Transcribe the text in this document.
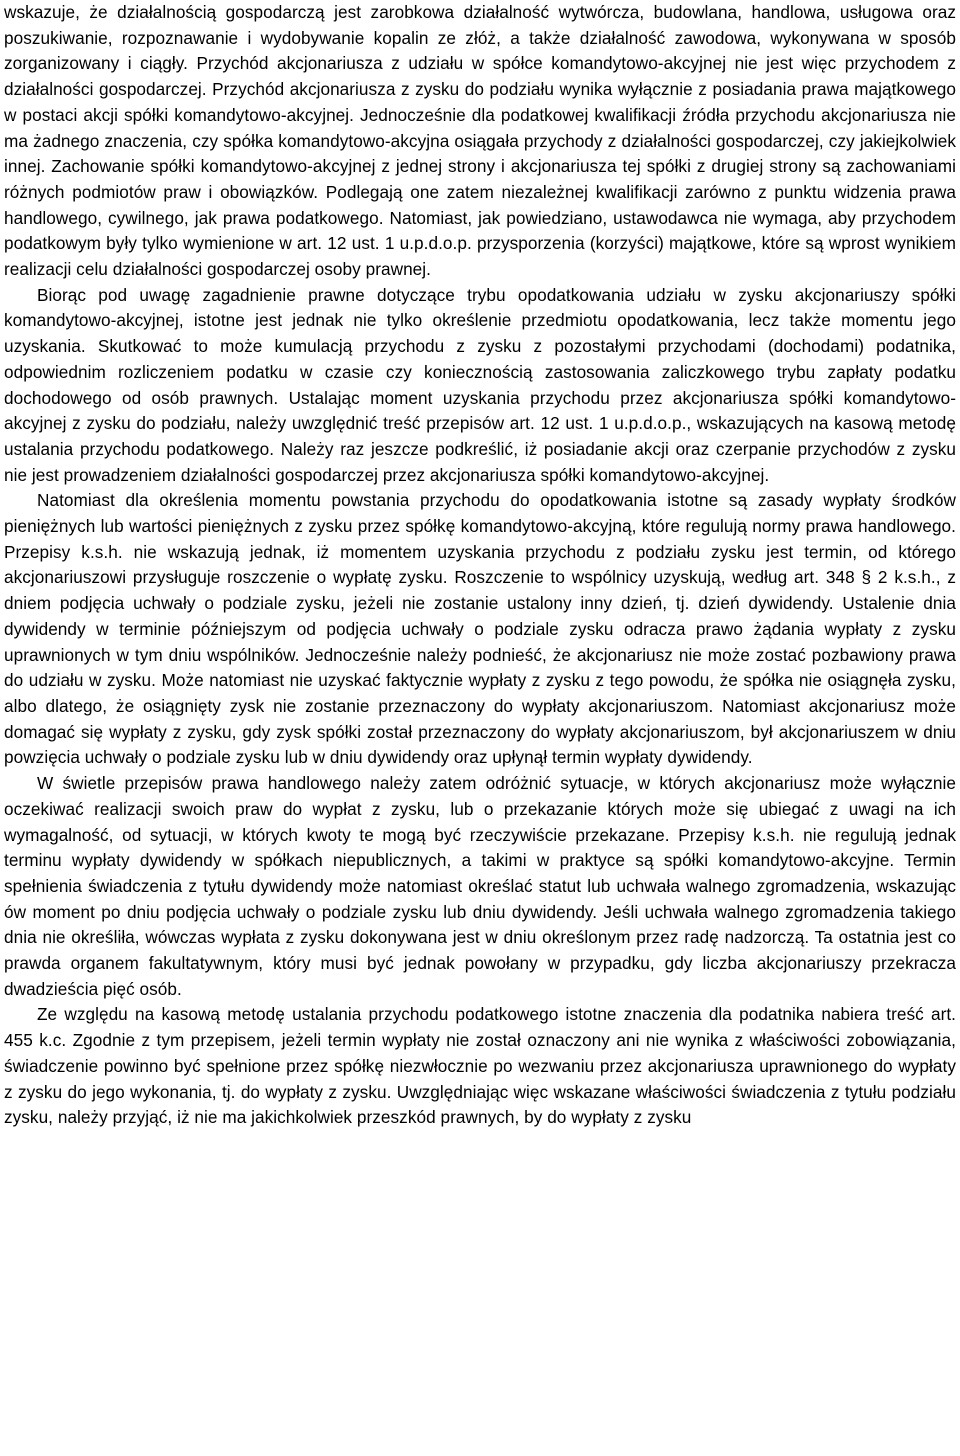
wskazuje, że działalnością gospodarczą jest zarobkowa działalność wytwórcza, budowlana, handlowa, usługowa oraz poszukiwanie, rozpoznawanie i wydobywanie kopalin ze złóż, a także działalność zawodowa, wykonywana w sposób zorganizowany i ciągły. Przychód akcjonariusza z udziału w spółce komandytowo-akcyjnej nie jest więc przychodem z działalności gospodarczej. Przychód akcjonariusza z zysku do podziału wynika wyłącznie z posiadania prawa majątkowego w postaci akcji spółki komandytowo-akcyjnej. Jednocześnie dla podatkowej kwalifikacji źródła przychodu akcjonariusza nie ma żadnego znaczenia, czy spółka komandytowo-akcyjna osiągała przychody z działalności gospodarczej, czy jakiejkolwiek innej. Zachowanie spółki komandytowo-akcyjnej z jednej strony i akcjonariusza tej spółki z drugiej strony są zachowaniami różnych podmiotów praw i obowiązków. Podlegają one zatem niezależnej kwalifikacji zarówno z punktu widzenia prawa handlowego, cywilnego, jak prawa podatkowego. Natomiast, jak powiedziano, ustawodawca nie wymaga, aby przychodem podatkowym były tylko wymienione w art. 12 ust. 1 u.p.d.o.p. przysporzenia (korzyści) majątkowe, które są wprost wynikiem realizacji celu działalności gospodarczej osoby prawnej.

Biorąc pod uwagę zagadnienie prawne dotyczące trybu opodatkowania udziału w zysku akcjonariuszy spółki komandytowo-akcyjnej, istotne jest jednak nie tylko określenie przedmiotu opodatkowania, lecz także momentu jego uzyskania. Skutkować to może kumulacją przychodu z zysku z pozostałymi przychodami (dochodami) podatnika, odpowiednim rozliczeniem podatku w czasie czy koniecznością zastosowania zaliczkowego trybu zapłaty podatku dochodowego od osób prawnych. Ustalając moment uzyskania przychodu przez akcjonariusza spółki komandytowo-akcyjnej z zysku do podziału, należy uwzględnić treść przepisów art. 12 ust. 1 u.p.d.o.p., wskazujących na kasową metodę ustalania przychodu podatkowego. Należy raz jeszcze podkreślić, iż posiadanie akcji oraz czerpanie przychodów z zysku nie jest prowadzeniem działalności gospodarczej przez akcjonariusza spółki komandytowo-akcyjnej.

Natomiast dla określenia momentu powstania przychodu do opodatkowania istotne są zasady wypłaty środków pieniężnych lub wartości pieniężnych z zysku przez spółkę komandytowo-akcyjną, które regulują normy prawa handlowego. Przepisy k.s.h. nie wskazują jednak, iż momentem uzyskania przychodu z podziału zysku jest termin, od którego akcjonariuszowi przysługuje roszczenie o wypłatę zysku. Roszczenie to wspólnicy uzyskują, według art. 348 § 2 k.s.h., z dniem podjęcia uchwały o podziale zysku, jeżeli nie zostanie ustalony inny dzień, tj. dzień dywidendy. Ustalenie dnia dywidendy w terminie późniejszym od podjęcia uchwały o podziale zysku odracza prawo żądania wypłaty z zysku uprawnionych w tym dniu wspólników. Jednocześnie należy podnieść, że akcjonariusz nie może zostać pozbawiony prawa do udziału w zysku. Może natomiast nie uzyskać faktycznie wypłaty z zysku z tego powodu, że spółka nie osiągnęła zysku, albo dlatego, że osiągnięty zysk nie zostanie przeznaczony do wypłaty akcjonariuszom. Natomiast akcjonariusz może domagać się wypłaty z zysku, gdy zysk spółki został przeznaczony do wypłaty akcjonariuszom, był akcjonariuszem w dniu powzięcia uchwały o podziale zysku lub w dniu dywidendy oraz upłynął termin wypłaty dywidendy.

W świetle przepisów prawa handlowego należy zatem odróżnić sytuacje, w których akcjonariusz może wyłącznie oczekiwać realizacji swoich praw do wypłat z zysku, lub o przekazanie których może się ubiegać z uwagi na ich wymagalność, od sytuacji, w których kwoty te mogą być rzeczywiście przekazane. Przepisy k.s.h. nie regulują jednak terminu wypłaty dywidendy w spółkach niepublicznych, a takimi w praktyce są spółki komandytowo-akcyjne. Termin spełnienia świadczenia z tytułu dywidendy może natomiast określać statut lub uchwała walnego zgromadzenia, wskazując ów moment po dniu podjęcia uchwały o podziale zysku lub dniu dywidendy. Jeśli uchwała walnego zgromadzenia takiego dnia nie określiła, wówczas wypłata z zysku dokonywana jest w dniu określonym przez radę nadzorczą. Ta ostatnia jest co prawda organem fakultatywnym, który musi być jednak powołany w przypadku, gdy liczba akcjonariuszy przekracza dwadzieścia pięć osób.

Ze względu na kasową metodę ustalania przychodu podatkowego istotne znaczenia dla podatnika nabiera treść art. 455 k.c. Zgodnie z tym przepisem, jeżeli termin wypłaty nie został oznaczony ani nie wynika z właściwości zobowiązania, świadczenie powinno być spełnione przez spółkę niezwłocznie po wezwaniu przez akcjonariusza uprawnionego do wypłaty z zysku do jego wykonania, tj. do wypłaty z zysku. Uwzględniając więc wskazane właściwości świadczenia z tytułu podziału zysku, należy przyjąć, iż nie ma jakichkolwiek przeszkód prawnych, by do wypłaty z zysku
